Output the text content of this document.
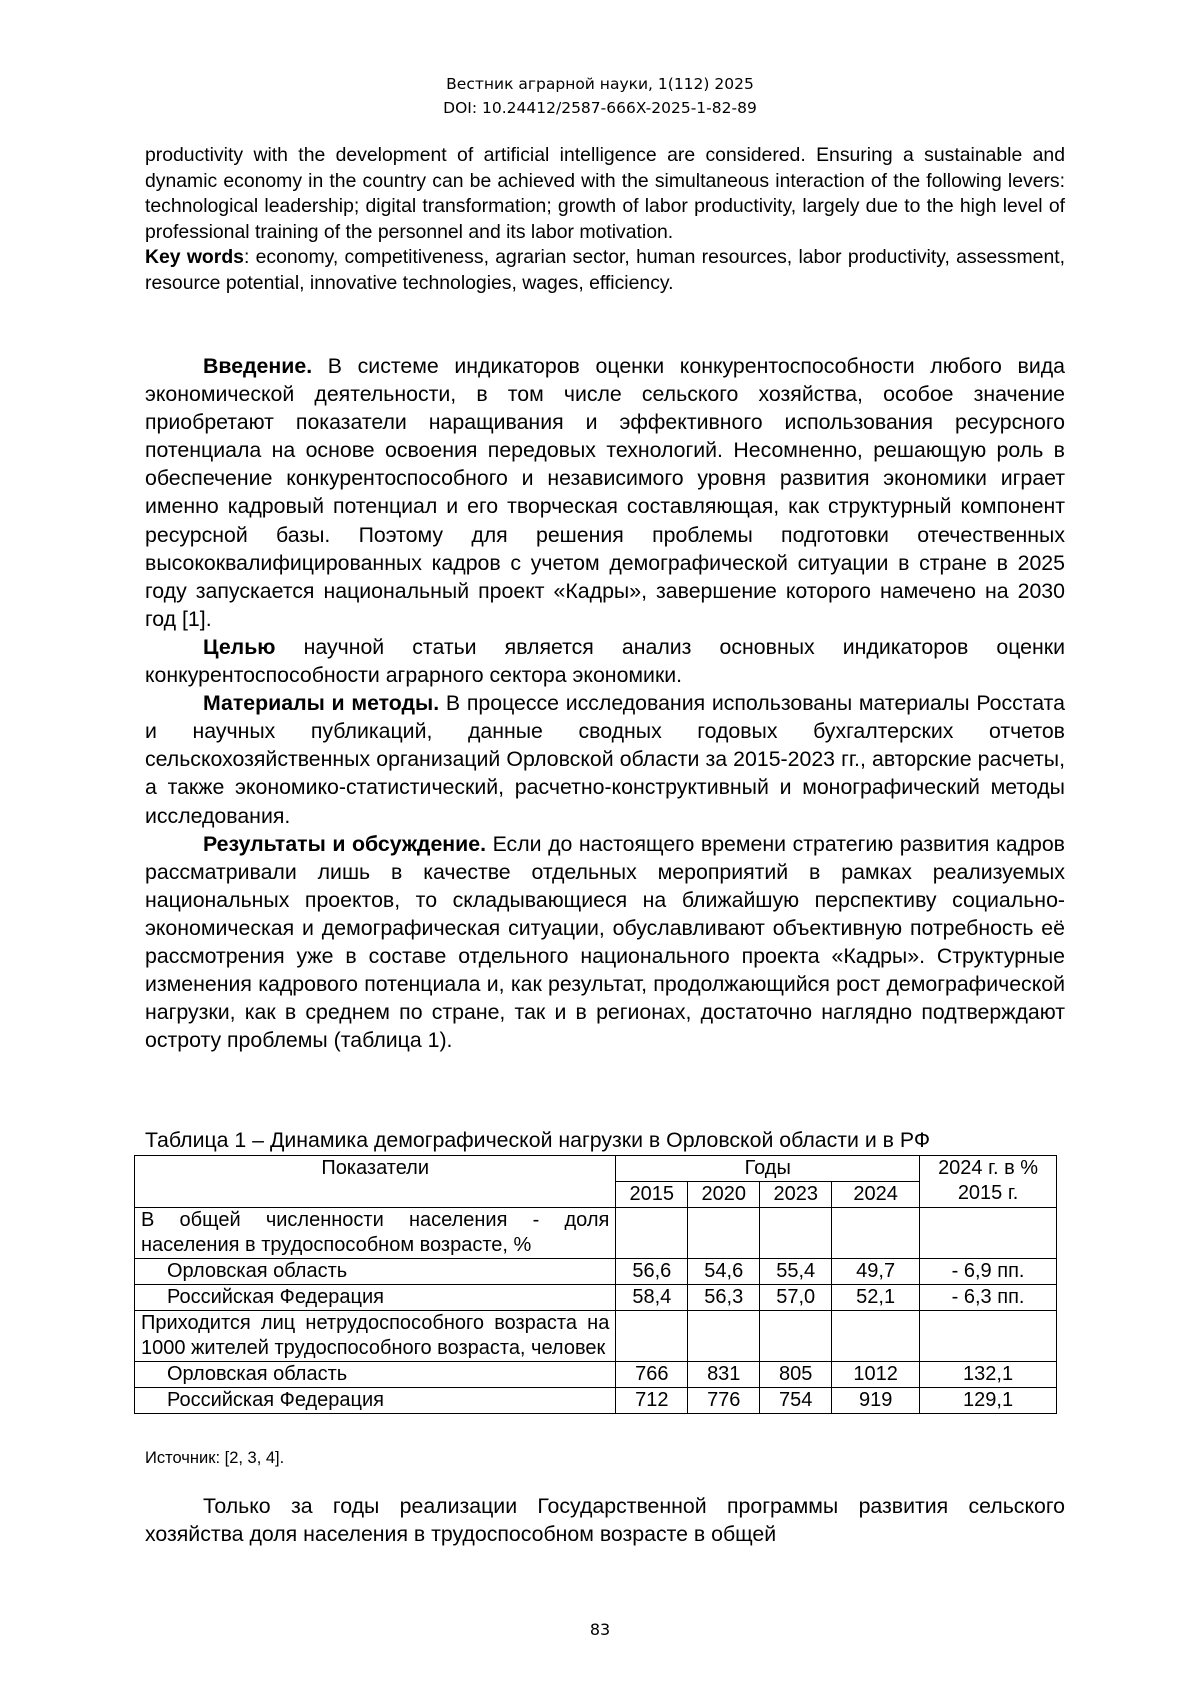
Вестник аграрной науки, 1(112) 2025
DOI: 10.24412/2587-666X-2025-1-82-89

productivity with the development of artificial intelligence are considered. Ensuring a sustainable and dynamic economy in the country can be achieved with the simultaneous interaction of the following levers: technological leadership; digital transformation; growth of labor productivity, largely due to the high level of professional training of the personnel and its labor motivation.

Key words: economy, competitiveness, agrarian sector, human resources, labor productivity, assessment, resource potential, innovative technologies, wages, efficiency.

Введение. В системе индикаторов оценки конкурентоспособности любого вида экономической деятельности, в том числе сельского хозяйства, особое значение приобретают показатели наращивания и эффективного использования ресурсного потенциала на основе освоения передовых технологий. Несомненно, решающую роль в обеспечение конкурентоспособного и независимого уровня развития экономики играет именно кадровый потенциал и его творческая составляющая, как структурный компонент ресурсной базы. Поэтому для решения проблемы подготовки отечественных высококвалифицированных кадров с учетом демографической ситуации в стране в 2025 году запускается национальный проект «Кадры», завершение которого намечено на 2030 год [1].

Целью научной статьи является анализ основных индикаторов оценки конкурентоспособности аграрного сектора экономики.

Материалы и методы. В процессе исследования использованы материалы Росстата и научных публикаций, данные сводных годовых бухгалтерских отчетов сельскохозяйственных организаций Орловской области за 2015-2023 гг., авторские расчеты, а также экономико-статистический, расчетно-конструктивный и монографический методы исследования.

Результаты и обсуждение. Если до настоящего времени стратегию развития кадров рассматривали лишь в качестве отдельных мероприятий в рамках реализуемых национальных проектов, то складывающиеся на ближайшую перспективу социально-экономическая и демографическая ситуации, обуславливают объективную потребность её рассмотрения уже в составе отдельного национального проекта «Кадры». Структурные изменения кадрового потенциала и, как результат, продолжающийся рост демографической нагрузки, как в среднем по стране, так и в регионах, достаточно наглядно подтверждают остроту проблемы (таблица 1).

Таблица 1 – Динамика демографической нагрузки в Орловской области и в РФ
Показатели	Годы				2024 г. в % 2015 г.
	2015	2020	2023	2024	
В общей численности населения - доля населения в трудоспособном возрасте, %					
Орловская область	56,6	54,6	55,4	49,7	- 6,9 пп.
Российская Федерация	58,4	56,3	57,0	52,1	- 6,3 пп.
Приходится лиц нетрудоспособного возраста на 1000 жителей трудоспособного возраста, человек					
Орловская область	766	831	805	1012	132,1
Российская Федерация	712	776	754	919	129,1
Источник: [2, 3, 4].

Только за годы реализации Государственной программы развития сельского хозяйства доля населения в трудоспособном возрасте в общей

83
